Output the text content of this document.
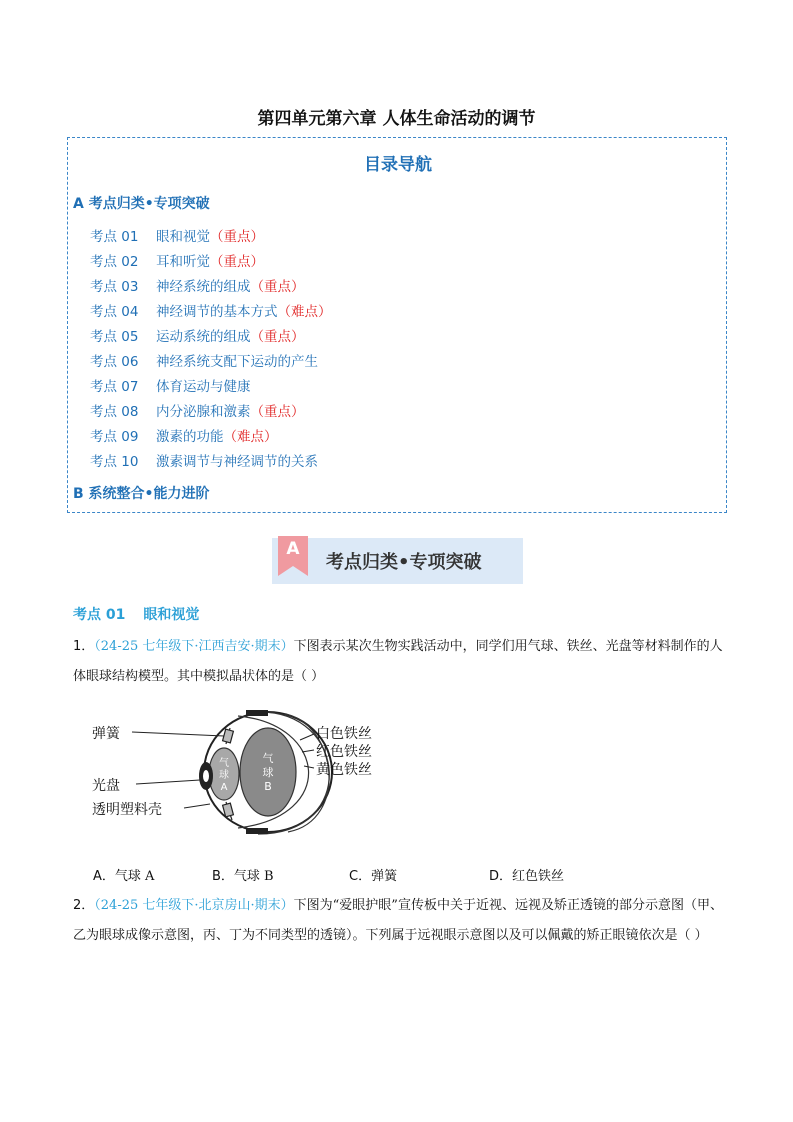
第四单元第六章 人体生命活动的调节
目录导航
A 考点归类•专项突破
考点 01 眼和视觉（重点）
考点 02 耳和听觉（重点）
考点 03 神经系统的组成（重点）
考点 04 神经调节的基本方式（难点）
考点 05 运动系统的组成（重点）
考点 06 神经系统支配下运动的产生
考点 07 体育运动与健康
考点 08 内分泌腺和激素（重点）
考点 09 激素的功能（难点）
考点 10 激素调节与神经调节的关系
B 系统整合•能力进阶
A
考点归类•专项突破
考点 01 眼和视觉
1．（24-25 七年级下·江西吉安·期末）下图表示某次生物实践活动中，同学们用气球、铁丝、光盘等材料制作的人体眼球结构模型。其中模拟晶状体的是（ ）
气
球
A
气
球
B
弹簧
光盘
透明塑料壳
白色铁丝
红色铁丝
黄色铁丝
A．气球 A	B．气球 B	C．弹簧	D．红色铁丝
2．（24-25 七年级下·北京房山·期末）下图为“爱眼护眼”宣传板中关于近视、远视及矫正透镜的部分示意图（甲、乙为眼球成像示意图，丙、丁为不同类型的透镜）。下列属于远视眼示意图以及可以佩戴的矫正眼镜依次是（ ）
